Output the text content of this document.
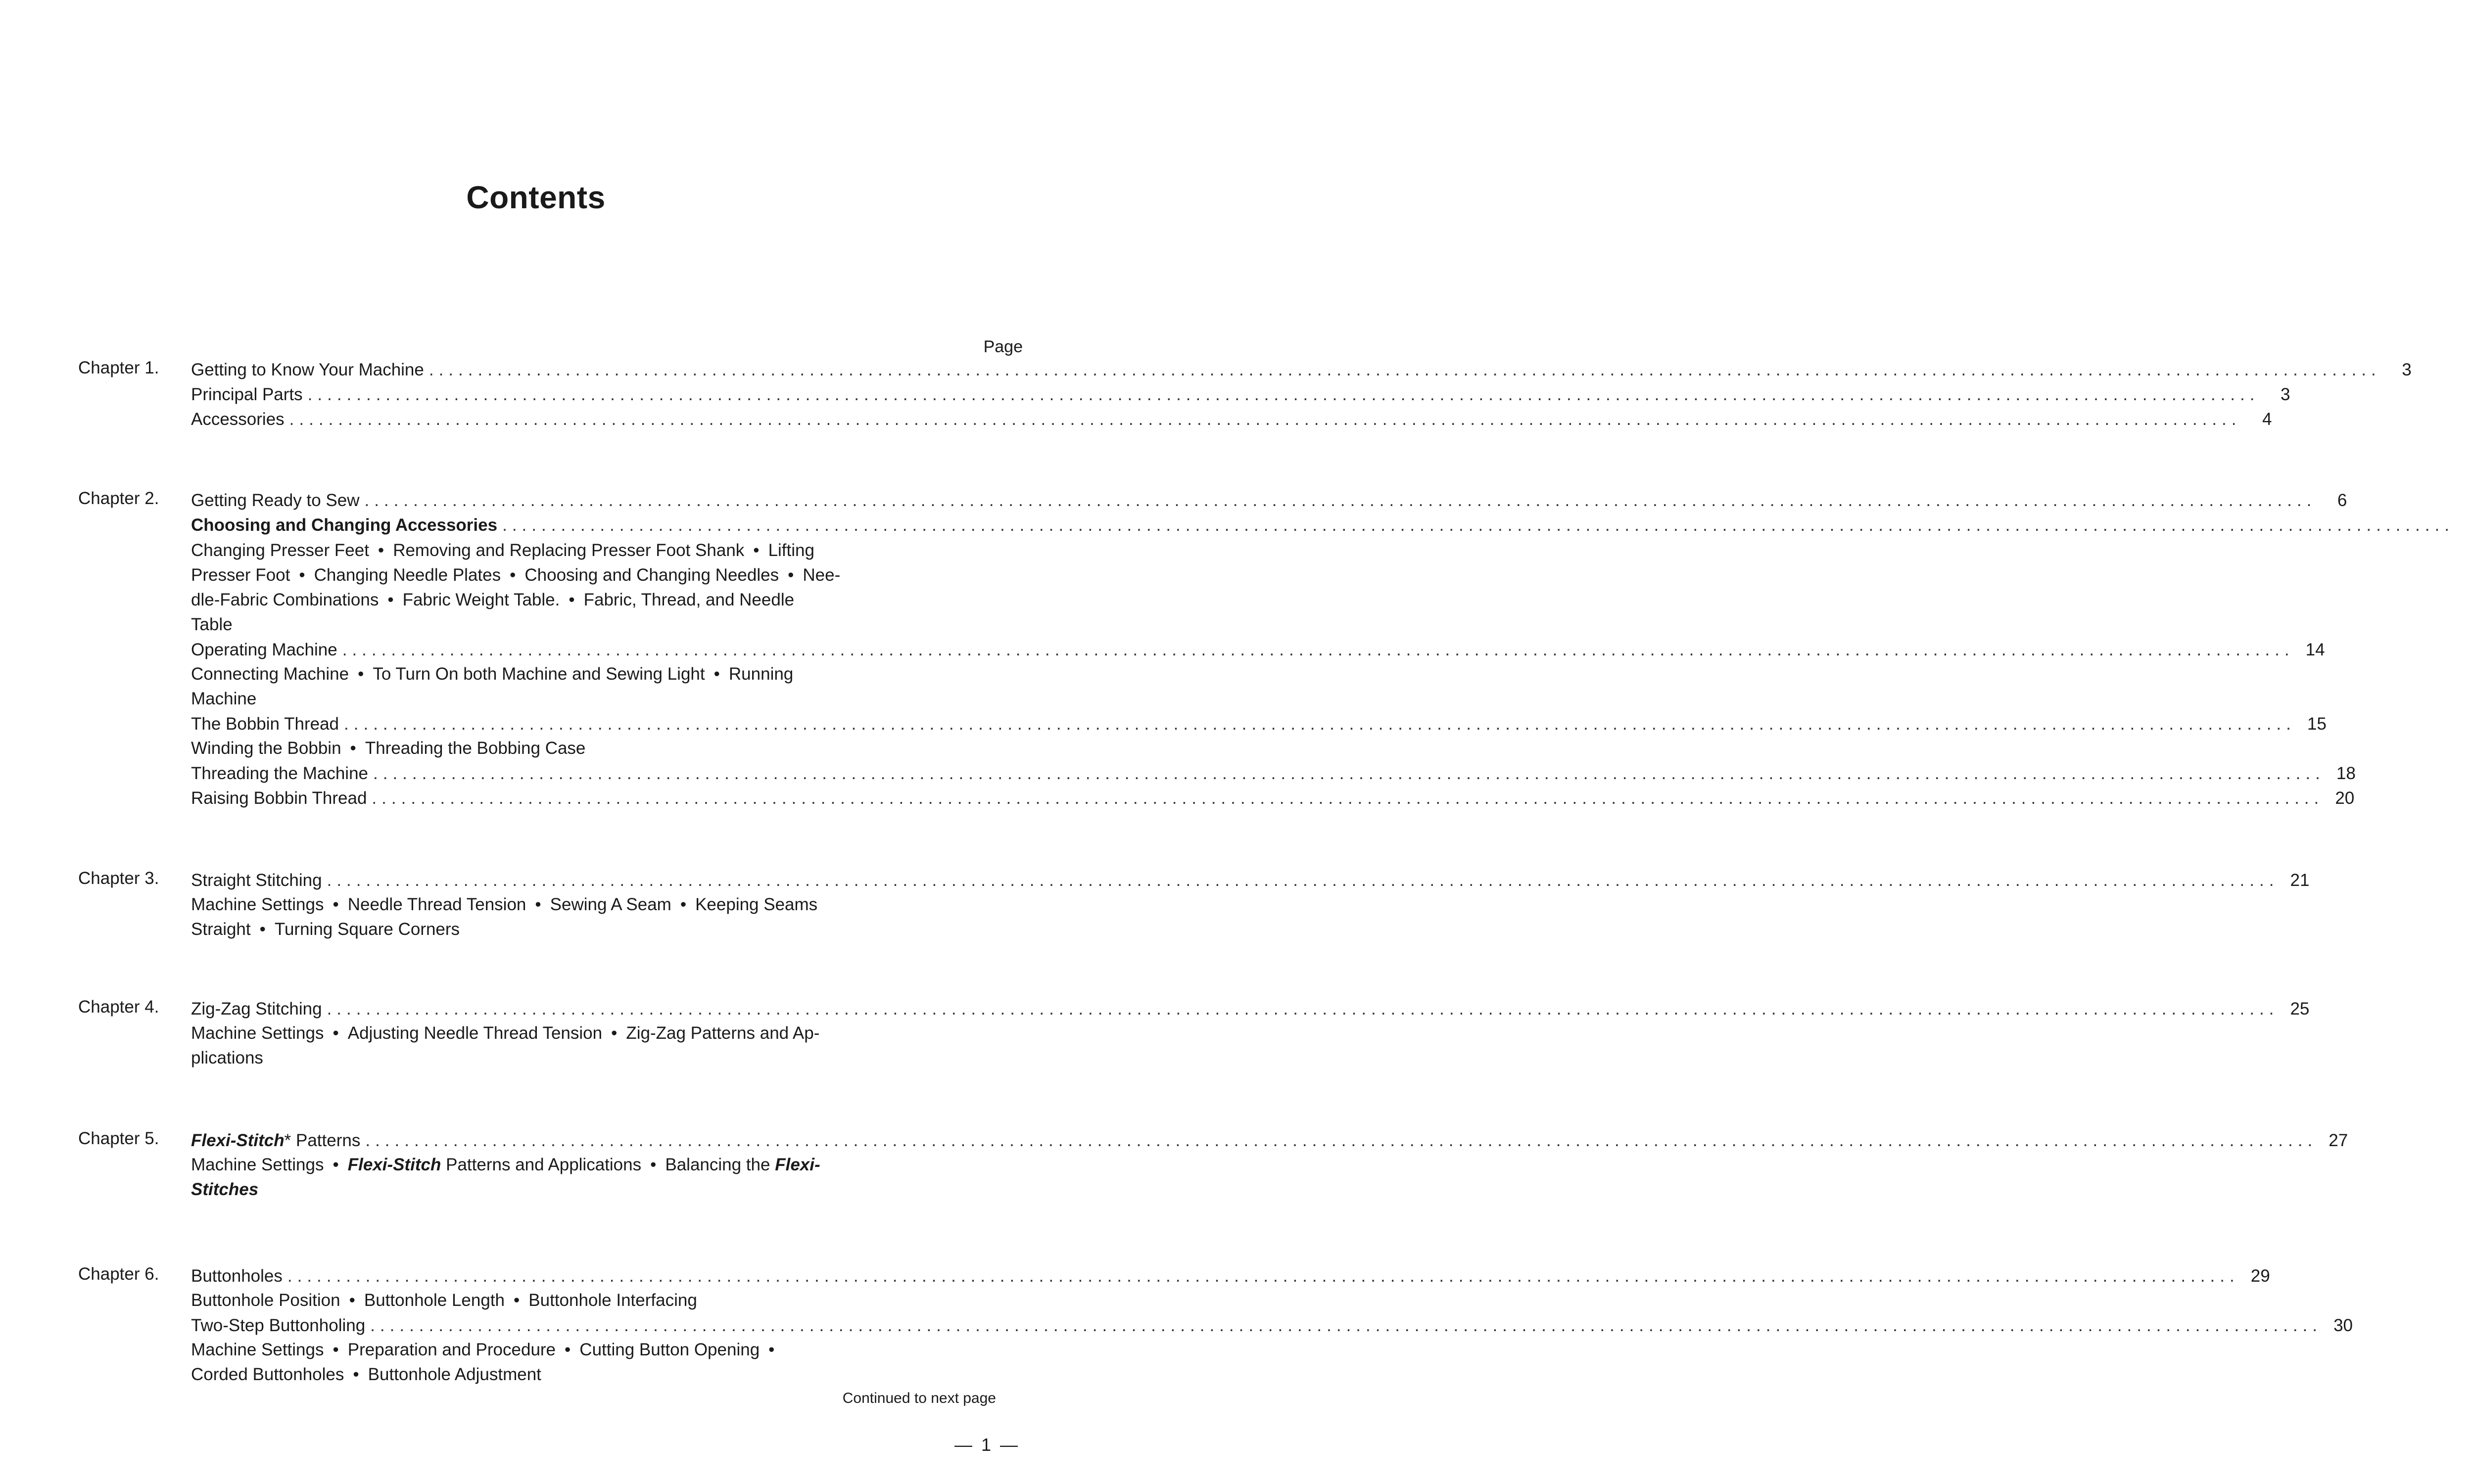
Contents
Page
Chapter 1. Getting to Know Your Machine ........................................................................................................................................................................................................	3
Principal Parts ........................................................................................................................................................................................................	3
Accessories ........................................................................................................................................................................................................	4
Chapter 2. Getting Ready to Sew ........................................................................................................................................................................................................	6
Choosing and Changing Accessories ........................................................................................................................................................................................................
Changing Presser Feet • Removing and Replacing Presser Foot Shank • Lifting
Presser Foot • Changing Needle Plates • Choosing and Changing Needles • Nee-
dle-Fabric Combinations • Fabric Weight Table. • Fabric, Thread, and Needle
Table
Operating Machine ........................................................................................................................................................................................................ 14
Connecting Machine • To Turn On both Machine and Sewing Light • Running
Machine
The Bobbin Thread ........................................................................................................................................................................................................ 15
Winding the Bobbin • Threading the Bobbing Case
Threading the Machine ........................................................................................................................................................................................................ 18
Raising Bobbin Thread ........................................................................................................................................................................................................ 20
Chapter 3. Straight Stitching ........................................................................................................................................................................................................ 21
Machine Settings • Needle Thread Tension • Sewing A Seam • Keeping Seams
Straight • Turning Square Corners
Chapter 4. Zig-Zag Stitching ........................................................................................................................................................................................................ 25
Machine Settings • Adjusting Needle Thread Tension • Zig-Zag Patterns and Ap-
plications
Chapter 5. Flexi-Stitch* Patterns ........................................................................................................................................................................................................ 27
Machine Settings • Flexi-Stitch Patterns and Applications • Balancing the Flexi-
Stitches
Chapter 6. Buttonholes ........................................................................................................................................................................................................ 29
Buttonhole Position • Buttonhole Length • Buttonhole Interfacing
Two-Step Buttonholing ........................................................................................................................................................................................................ 30
Machine Settings • Preparation and Procedure • Cutting Button Opening •
Corded Buttonholes • Buttonhole Adjustment
Continued to next page
— 1 —
